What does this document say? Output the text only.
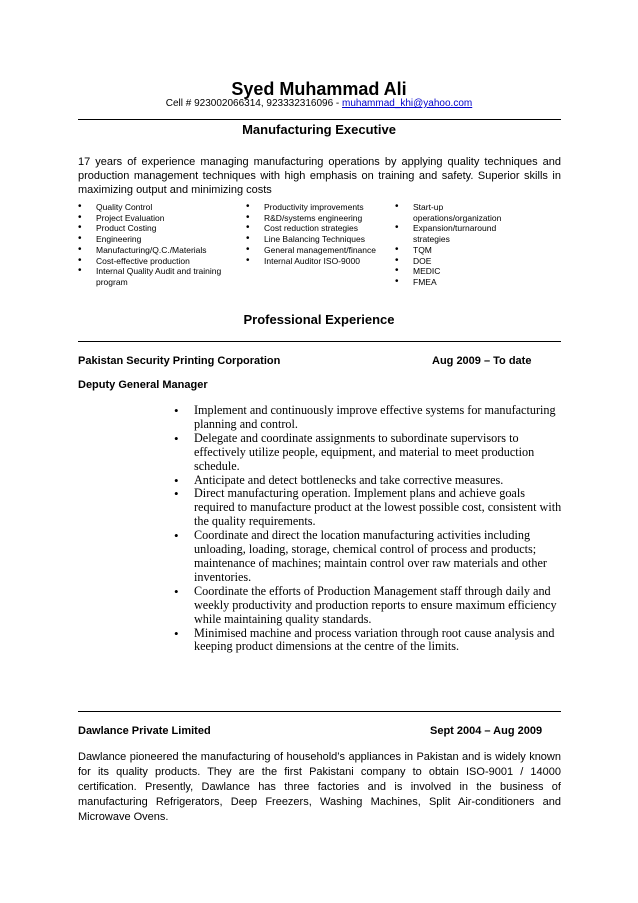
Syed Muhammad Ali
Cell # 923002066314, 923332316096 - muhammad_khi@yahoo.com
Manufacturing Executive
17 years of experience managing manufacturing operations by applying quality techniques and production management techniques with high emphasis on training and safety. Superior skills in maximizing output and minimizing costs
• Quality Control
• Project Evaluation
• Product Costing
• Engineering
• Manufacturing/Q.C./Materials
• Cost-effective production
• Internal Quality Audit and training program
• Productivity improvements
• R&D/systems engineering
• Cost reduction strategies
• Line Balancing Techniques
• General management/finance
• Internal Auditor ISO-9000
• Start-up operations/organization
• Expansion/turnaround strategies
• TQM
• DOE
• MEDIC
• FMEA
Professional Experience
Pakistan Security Printing Corporation	Aug 2009 – To date
Deputy General Manager
• Implement and continuously improve effective systems for manufacturing planning and control.
• Delegate and coordinate assignments to subordinate supervisors to effectively utilize people, equipment, and material to meet production schedule.
• Anticipate and detect bottlenecks and take corrective measures.
• Direct manufacturing operation. Implement plans and achieve goals required to manufacture product at the lowest possible cost, consistent with the quality requirements.
• Coordinate and direct the location manufacturing activities including unloading, loading, storage, chemical control of process and products; maintenance of machines; maintain control over raw materials and other inventories.
• Coordinate the efforts of Production Management staff through daily and weekly productivity and production reports to ensure maximum efficiency while maintaining quality standards.
• Minimised machine and process variation through root cause analysis and keeping product dimensions at the centre of the limits.
Dawlance Private Limited	Sept 2004 – Aug 2009
Dawlance pioneered the manufacturing of household’s appliances in Pakistan and is widely known for its quality products. They are the first Pakistani company to obtain ISO-9001 / 14000 certification. Presently, Dawlance has three factories and is involved in the business of manufacturing Refrigerators, Deep Freezers, Washing Machines, Split Air-conditioners and Microwave Ovens.
